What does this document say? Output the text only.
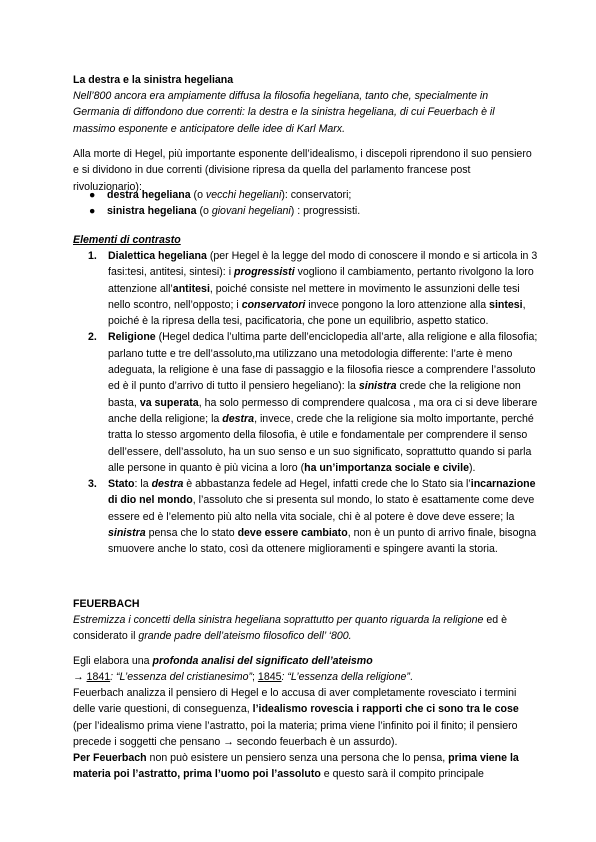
La destra e la sinistra hegeliana

Nell’800 ancora era ampiamente diffusa la filosofia hegeliana, tanto che, specialmente in Germania di diffondono due correnti: la destra e la sinistra hegeliana, di cui Feuerbach è il massimo esponente e anticipatore delle idee di Karl Marx.

Alla morte di Hegel, più importante esponente dell’idealismo, i discepoli riprendono il suo pensiero e si dividono in due correnti (divisione ripresa da quella del parlamento francese post rivoluzionario):

● destra hegeliana (o vecchi hegeliani): conservatori;
● sinistra hegeliana (o giovani hegeliani) : progressisti.

Elementi di contrasto

1. Dialettica hegeliana (per Hegel è la legge del modo di conoscere il mondo e si articola in 3 fasi:tesi, antitesi, sintesi): i progressisti vogliono il cambiamento, pertanto rivolgono la loro attenzione all’antitesi, poiché consiste nel mettere in movimento le assunzioni delle tesi nello scontro, nell’opposto; i conservatori invece pongono la loro attenzione alla sintesi, poiché è la ripresa della tesi, pacificatoria, che pone un equilibrio, aspetto statico.
2. Religione (Hegel dedica l’ultima parte dell’enciclopedia all’arte, alla religione e alla filosofia; parlano tutte e tre dell’assoluto,ma utilizzano una metodologia differente: l’arte è meno adeguata, la religione è una fase di passaggio e la filosofia riesce a comprendere l’assoluto ed è il punto d’arrivo di tutto il pensiero hegeliano): la sinistra crede che la religione non basta, va superata, ha solo permesso di comprendere qualcosa , ma ora ci si deve liberare anche della religione; la destra, invece, crede che la religione sia molto importante, perché tratta lo stesso argomento della filosofia, è utile e fondamentale per comprendere il senso dell’essere, dell’assoluto, ha un suo senso e un suo significato, soprattutto quando si parla alle persone in quanto è più vicina a loro (ha un’importanza sociale e civile).
3. Stato: la destra è abbastanza fedele ad Hegel, infatti crede che lo Stato sia l’incarnazione di dio nel mondo, l’assoluto che si presenta sul mondo, lo stato è esattamente come deve essere ed è l’elemento più alto nella vita sociale, chi è al potere è dove deve essere; la sinistra pensa che lo stato deve essere cambiato, non è un punto di arrivo finale, bisogna smuovere anche lo stato, così da ottenere miglioramenti e spingere avanti la storia.

FEUERBACH

Estremizza i concetti della sinistra hegeliana soprattutto per quanto riguarda la religione ed è considerato il grande padre dell’ateismo filosofico dell’ ‘800.

Egli elabora una profonda analisi del significato dell’ateismo

→ 1841: “L’essenza del cristianesimo”; 1845: “L’essenza della religione”.

Feuerbach analizza il pensiero di Hegel e lo accusa di aver completamente rovesciato i termini delle varie questioni, di conseguenza, l’idealismo rovescia i rapporti che ci sono tra le cose (per l’idealismo prima viene l’astratto, poi la materia; prima viene l’infinito poi il finito; il pensiero precede i soggetti che pensano → secondo feuerbach è un assurdo).

Per Feuerbach non può esistere un pensiero senza una persona che lo pensa, prima viene la materia poi l’astratto, prima l’uomo poi l’assoluto e questo sarà il compito principale
